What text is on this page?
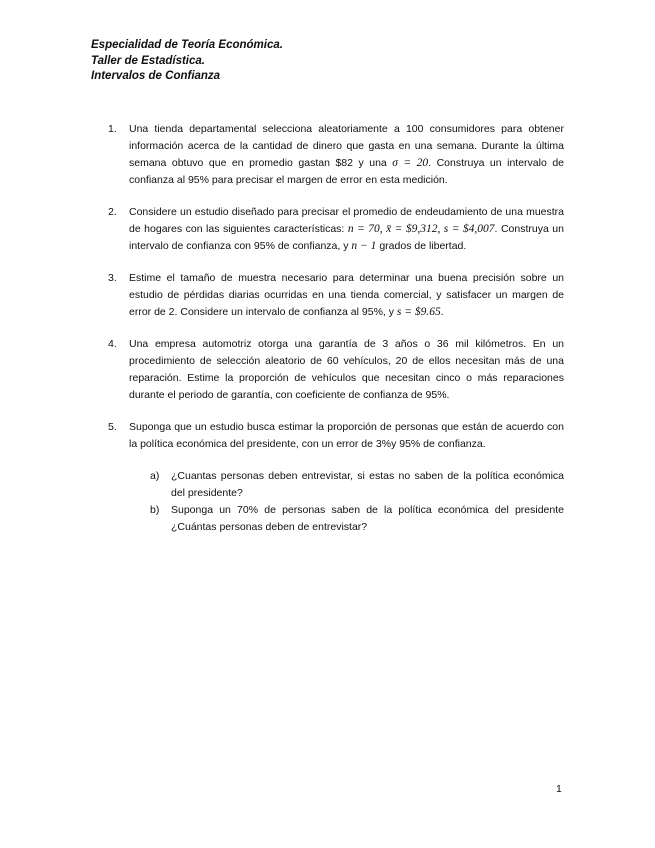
Especialidad de Teoría Económica.
Taller de Estadística.
Intervalos de Confianza
1. Una tienda departamental selecciona aleatoriamente a 100 consumidores para obtener información acerca de la cantidad de dinero que gasta en una semana. Durante la última semana obtuvo que en promedio gastan $82 y una σ = 20. Construya un intervalo de confianza al 95% para precisar el margen de error en esta medición.
2. Considere un estudio diseñado para precisar el promedio de endeudamiento de una muestra de hogares con las siguientes características: n = 70, x̄ = $9,312, s = $4,007. Construya un intervalo de confianza con 95% de confianza, y n − 1 grados de libertad.
3. Estime el tamaño de muestra necesario para determinar una buena precisión sobre un estudio de pérdidas diarias ocurridas en una tienda comercial, y satisfacer un margen de error de 2. Considere un intervalo de confianza al 95%, y s = $9.65.
4. Una empresa automotriz otorga una garantía de 3 años o 36 mil kilómetros. En un procedimiento de selección aleatorio de 60 vehículos, 20 de ellos necesitan más de una reparación. Estime la proporción de vehículos que necesitan cinco o más reparaciones durante el periodo de garantía, con coeficiente de confianza de 95%.
5. Suponga que un estudio busca estimar la proporción de personas que están de acuerdo con la política económica del presidente, con un error de 3%y 95% de confianza.
a) ¿Cuantas personas deben entrevistar, si estas no saben de la política económica del presidente?
b) Suponga un 70% de personas saben de la política económica del presidente ¿Cuántas personas deben de entrevistar?
1
